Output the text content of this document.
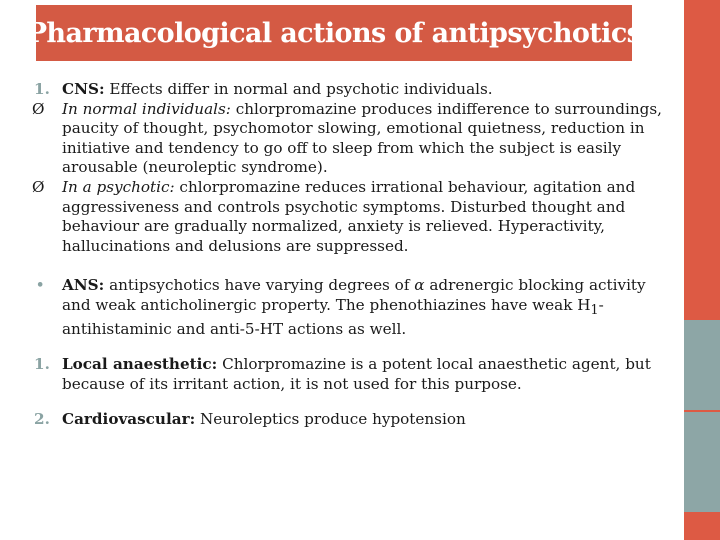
Pharmacological actions of antipsychotics
1. CNS: Effects differ in normal and psychotic individuals.
Ø In normal individuals: chlorpromazine produces indifference to surroundings, paucity of thought, psychomotor slowing, emotional quietness, reduction in initiative and tendency to go off to sleep from which the subject is easily arousable (neuroleptic syndrome).
Ø In a psychotic: chlorpromazine reduces irrational behaviour, agitation and aggressiveness and controls psychotic symptoms. Disturbed thought and behaviour are gradually normalized, anxiety is relieved. Hyperactivity, hallucinations and delusions are suppressed.
• ANS: antipsychotics have varying degrees of α adrenergic blocking activity and weak anticholinergic property. The phenothiazines have weak $H_1$-antihistaminic and anti-5-HT actions as well.
1. Local anaesthetic: Chlorpromazine is a potent local anaesthetic agent, but because of its irritant action, it is not used for this purpose.
2. Cardiovascular: Neuroleptics produce hypotension
